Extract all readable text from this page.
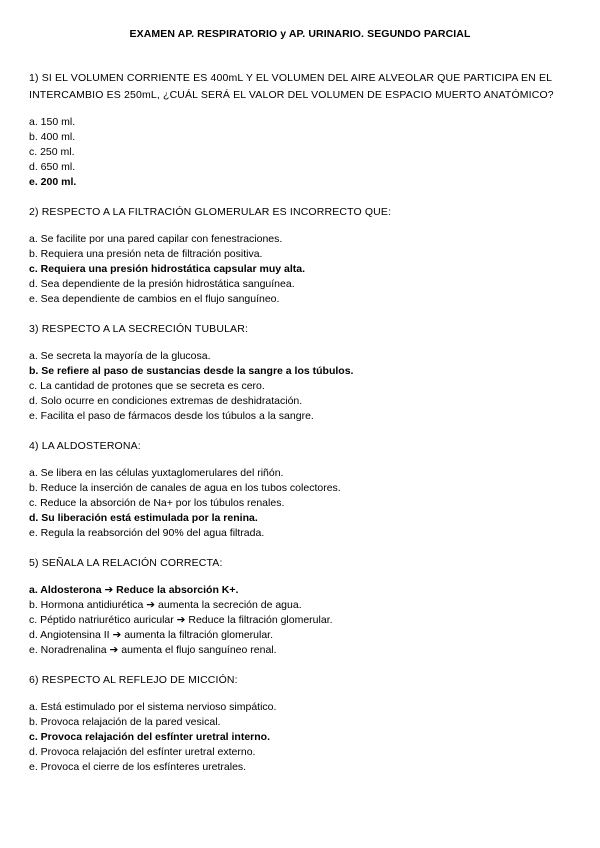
EXAMEN AP. RESPIRATORIO y AP. URINARIO. SEGUNDO PARCIAL

1) SI EL VOLUMEN CORRIENTE ES 400mL Y EL VOLUMEN DEL AIRE ALVEOLAR QUE PARTICIPA EN EL INTERCAMBIO ES 250mL, ¿CUÁL SERÁ EL VALOR DEL VOLUMEN DE ESPACIO MUERTO ANATÓMICO?

a. 150 ml.
b. 400 ml.
c. 250 ml.
d. 650 ml.
e. 200 ml.

2) RESPECTO A LA FILTRACIÓN GLOMERULAR ES INCORRECTO QUE:

a. Se facilite por una pared capilar con fenestraciones.
b. Requiera una presión neta de filtración positiva.
c. Requiera una presión hidrostática capsular muy alta.
d. Sea dependiente de la presión hidrostática sanguínea.
e. Sea dependiente de cambios en el flujo sanguíneo.

3) RESPECTO A LA SECRECIÓN TUBULAR:

a. Se secreta la mayoría de la glucosa.
b. Se refiere al paso de sustancias desde la sangre a los túbulos.
c. La cantidad de protones que se secreta es cero.
d. Solo ocurre en condiciones extremas de deshidratación.
e. Facilita el paso de fármacos desde los túbulos a la sangre.

4) LA ALDOSTERONA:

a. Se libera en las células yuxtaglomerulares del riñón.
b. Reduce la inserción de canales de agua en los tubos colectores.
c. Reduce la absorción de Na+ por los túbulos renales.
d. Su liberación está estimulada por la renina.
e. Regula la reabsorción del 90% del agua filtrada.

5) SEÑALA LA RELACIÓN CORRECTA:

a. Aldosterona ➔ Reduce la absorción K+.
b. Hormona antidiurética ➔ aumenta la secreción de agua.
c. Péptido natriurético auricular ➔ Reduce la filtración glomerular.
d. Angiotensina II ➔ aumenta la filtración glomerular.
e. Noradrenalina ➔ aumenta el flujo sanguíneo renal.

6) RESPECTO AL REFLEJO DE MICCIÓN:

a. Está estimulado por el sistema nervioso simpático.
b. Provoca relajación de la pared vesical.
c. Provoca relajación del esfínter uretral interno.
d. Provoca relajación del esfínter uretral externo.
e. Provoca el cierre de los esfínteres uretrales.
